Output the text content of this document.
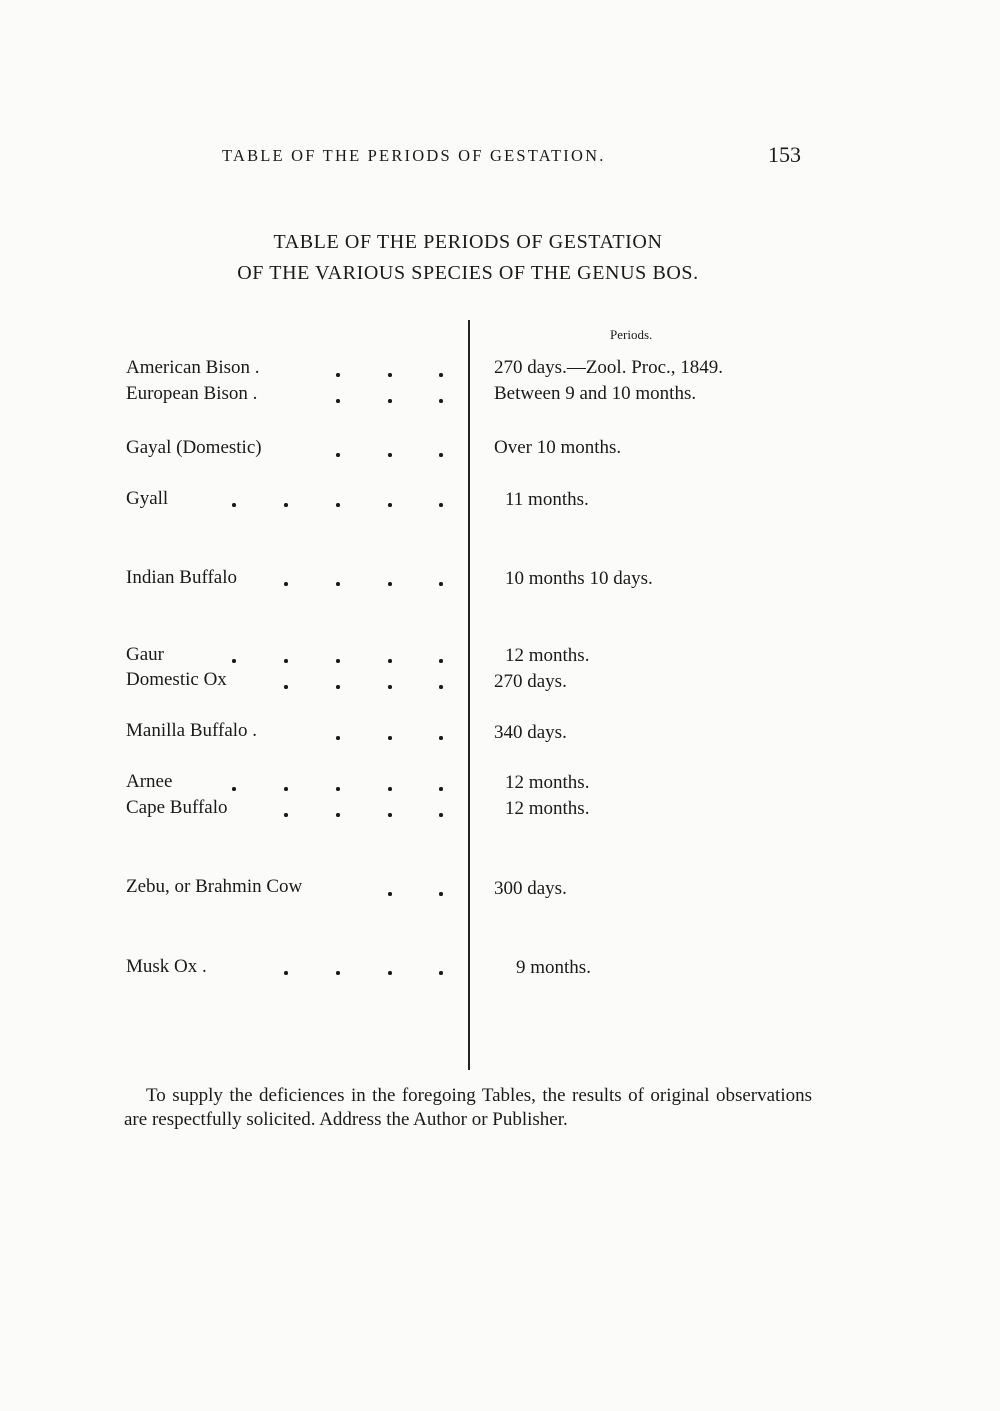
TABLE OF THE PERIODS OF GESTATION.	153
TABLE OF THE PERIODS OF GESTATION
OF THE VARIOUS SPECIES OF THE GENUS BOS.
Periods.
American Bison .	270 days.—Zool. Proc., 1849.
European Bison .	Between 9 and 10 months.
Gayal (Domestic)	Over 10 months.
Gyall	11 months.
Indian Buffalo	10 months 10 days.
Gaur	12 months.
Domestic Ox	270 days.
Manilla Buffalo .	340 days.
Arnee	12 months.
Cape Buffalo	12 months.
Zebu, or Brahmin Cow	300 days.
Musk Ox .	9 months.

To supply the deficiences in the foregoing Tables, the results of original observations are respectfully solicited. Address the Author or Publisher.
